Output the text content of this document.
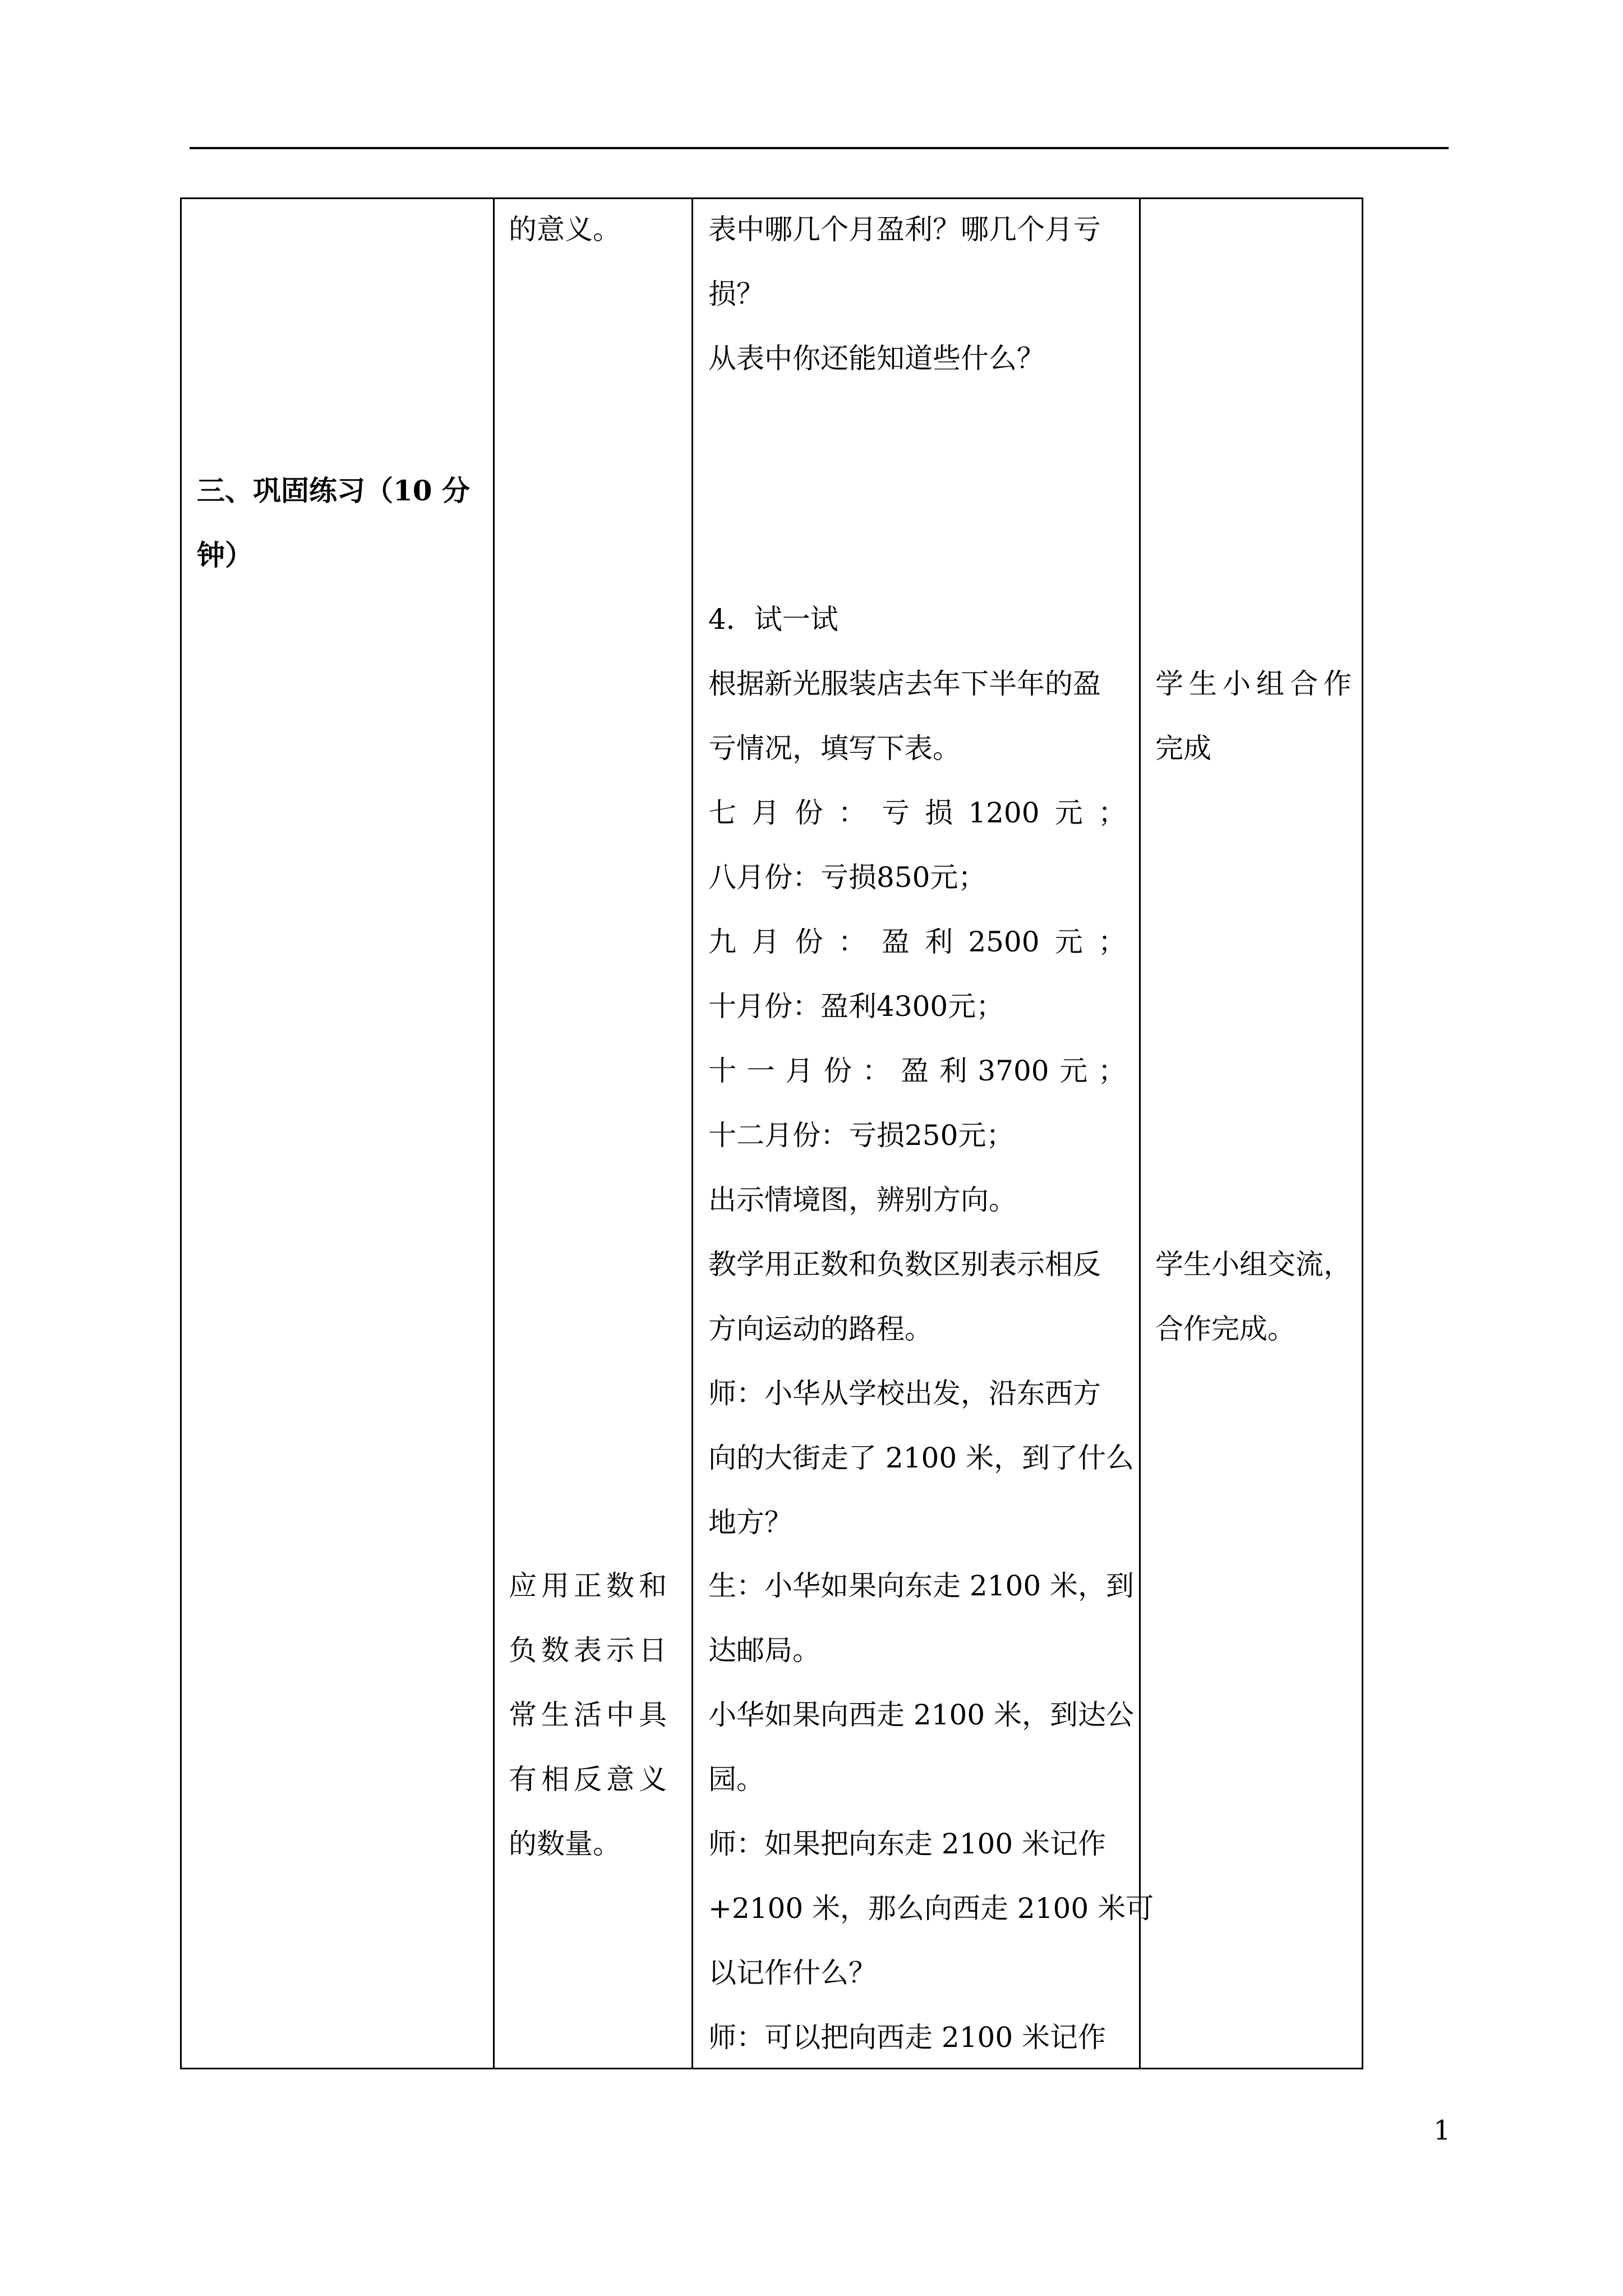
三、巩固练习（10 分
钟）
的意义。
应用正数和
负数表示日
常生活中具
有相反意义
的数量。
表中哪几个月盈利？哪几个月亏
损？
从表中你还能知道些什么？
4．试一试
根据新光服装店去年下半年的盈
亏情况，填写下表。
七 月 份 ： 亏 损 1200 元 ；
八月份：亏损850元；
九 月 份 ： 盈 利 2500 元 ；
十月份：盈利4300元；
十 一 月 份 ： 盈 利 3700 元 ；
十二月份：亏损250元；
出示情境图，辨别方向。
教学用正数和负数区别表示相反
方向运动的路程。
师：小华从学校出发，沿东西方
向的大街走了 2100 米，到了什么
地方？
生：小华如果向东走 2100 米，到
达邮局。
小华如果向西走 2100 米，到达公
园。
师：如果把向东走 2100 米记作
+2100 米，那么向西走 2100 米可
以记作什么？
师：可以把向西走 2100 米记作
学生小组合作
完成
学生小组交流，
合作完成。
1
